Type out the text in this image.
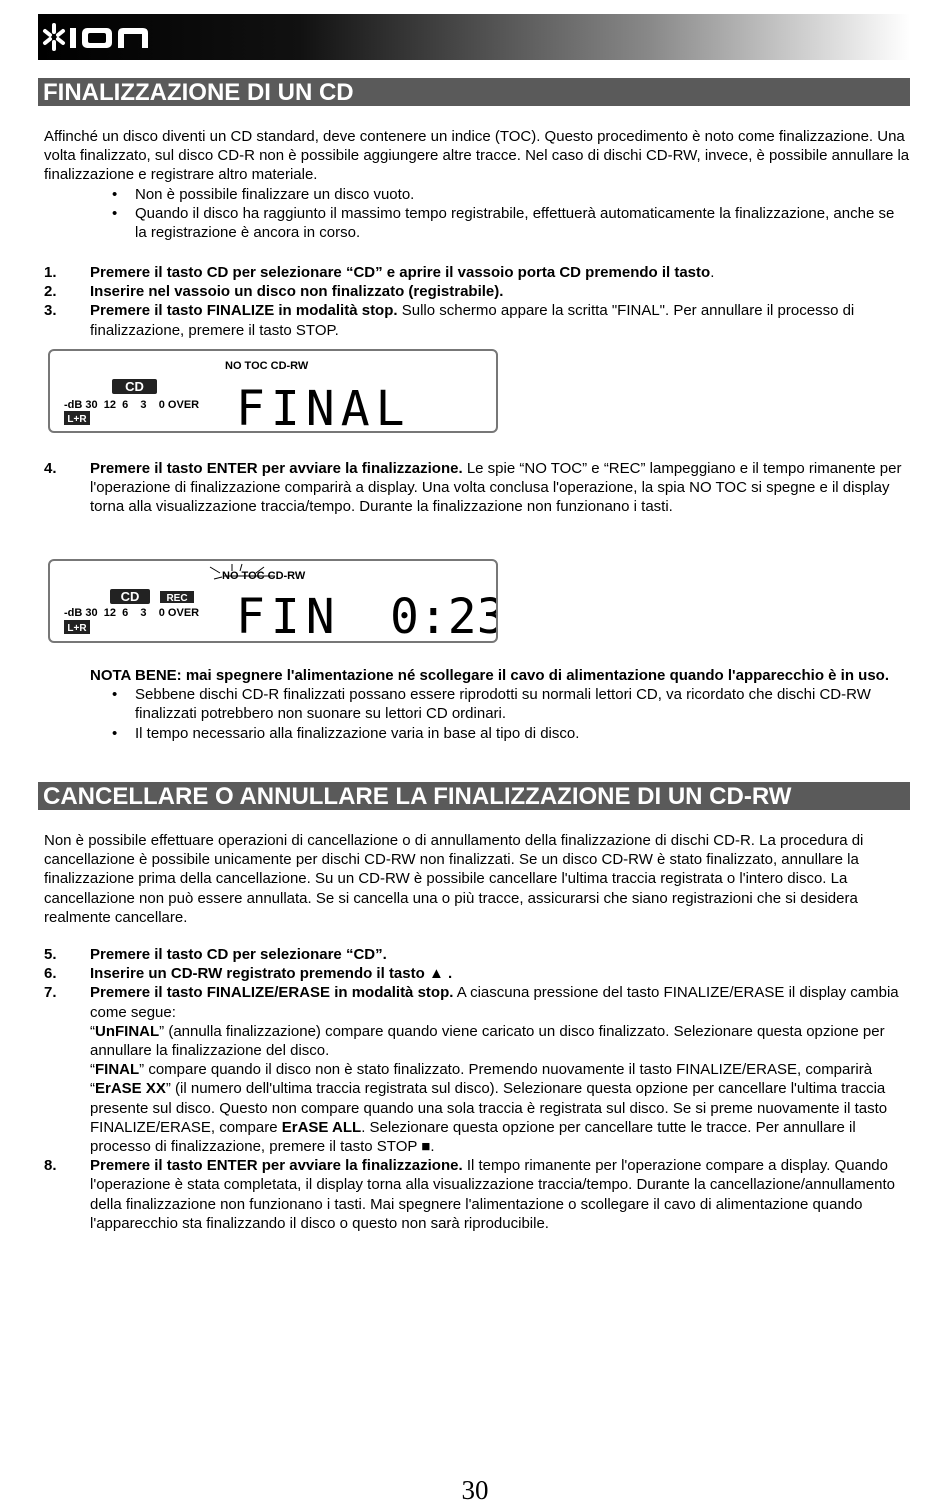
FINALIZZAZIONE DI UN CD

Affinché un disco diventi un CD standard, deve contenere un indice (TOC). Questo procedimento è noto come finalizzazione. Una volta finalizzato, sul disco CD-R non è possibile aggiungere altre tracce. Nel caso di dischi CD-RW, invece, è possibile annullare la finalizzazione e registrare altro materiale.

• Non è possibile finalizzare un disco vuoto.
• Quando il disco ha raggiunto il massimo tempo registrabile, effettuerà automaticamente la finalizzazione, anche se la registrazione è ancora in corso.
1. Premere il tasto CD per selezionare “CD” e aprire il vassoio porta CD premendo il tasto.
2. Inserire nel vassoio un disco non finalizzato (registrabile).
3. Premere il tasto FINALIZE in modalità stop. Sullo schermo appare la scritta "FINAL". Per annullare il processo di finalizzazione, premere il tasto STOP.
NO TOC CD-RW
CD
-dB 30  12  6    3    0 OVER
L+R	FINAL
4. Premere il tasto ENTER per avviare la finalizzazione. Le spie “NO TOC” e “REC” lampeggiano e il tempo rimanente per l'operazione di finalizzazione comparirà a display. Una volta conclusa l'operazione, la spia NO TOC si spegne e il display torna alla visualizzazione traccia/tempo. Durante la finalizzazione non funzionano i tasti.
NO TOC CD-RW
CD	REC
-dB 30  12  6    3    0 OVER
L+R	FIN 0:23

NOTA BENE: mai spegnere l'alimentazione né scollegare il cavo di alimentazione quando l'apparecchio è in uso.

• Sebbene dischi CD-R finalizzati possano essere riprodotti su normali lettori CD, va ricordato che dischi CD-RW finalizzati potrebbero non suonare su lettori CD ordinari.
• Il tempo necessario alla finalizzazione varia in base al tipo di disco.
CANCELLARE O ANNULLARE LA FINALIZZAZIONE DI UN CD-RW

Non è possibile effettuare operazioni di cancellazione o di annullamento della finalizzazione di dischi CD-R. La procedura di cancellazione è possibile unicamente per dischi CD-RW non finalizzati. Se un disco CD-RW è stato finalizzato, annullare la finalizzazione prima della cancellazione. Su un CD-RW è possibile cancellare l'ultima traccia registrata o l'intero disco. La cancellazione non può essere annullata. Se si cancella una o più tracce, assicurarsi che siano registrazioni che si desidera realmente cancellare.

5. Premere il tasto CD per selezionare “CD”.
6. Inserire un CD-RW registrato premendo il tasto ▲ .
7. Premere il tasto FINALIZE/ERASE in modalità stop. A ciascuna pressione del tasto FINALIZE/ERASE il display cambia come segue:

“UnFINAL” (annulla finalizzazione) compare quando viene caricato un disco finalizzato. Selezionare questa opzione per annullare la finalizzazione del disco.

“FINAL” compare quando il disco non è stato finalizzato. Premendo nuovamente il tasto FINALIZE/ERASE, comparirà “ErASE XX” (il numero dell'ultima traccia registrata sul disco). Selezionare questa opzione per cancellare l'ultima traccia presente sul disco. Questo non compare quando una sola traccia è registrata sul disco. Se si preme nuovamente il tasto FINALIZE/ERASE, compare ErASE ALL. Selezionare questa opzione per cancellare tutte le tracce. Per annullare il processo di finalizzazione, premere il tasto STOP ■.

8. Premere il tasto ENTER per avviare la finalizzazione. Il tempo rimanente per l'operazione compare a display. Quando l'operazione è stata completata, il display torna alla visualizzazione traccia/tempo. Durante la cancellazione/annullamento della finalizzazione non funzionano i tasti. Mai spegnere l'alimentazione o scollegare il cavo di alimentazione quando l'apparecchio sta finalizzando il disco o questo non sarà riproducibile.
30
